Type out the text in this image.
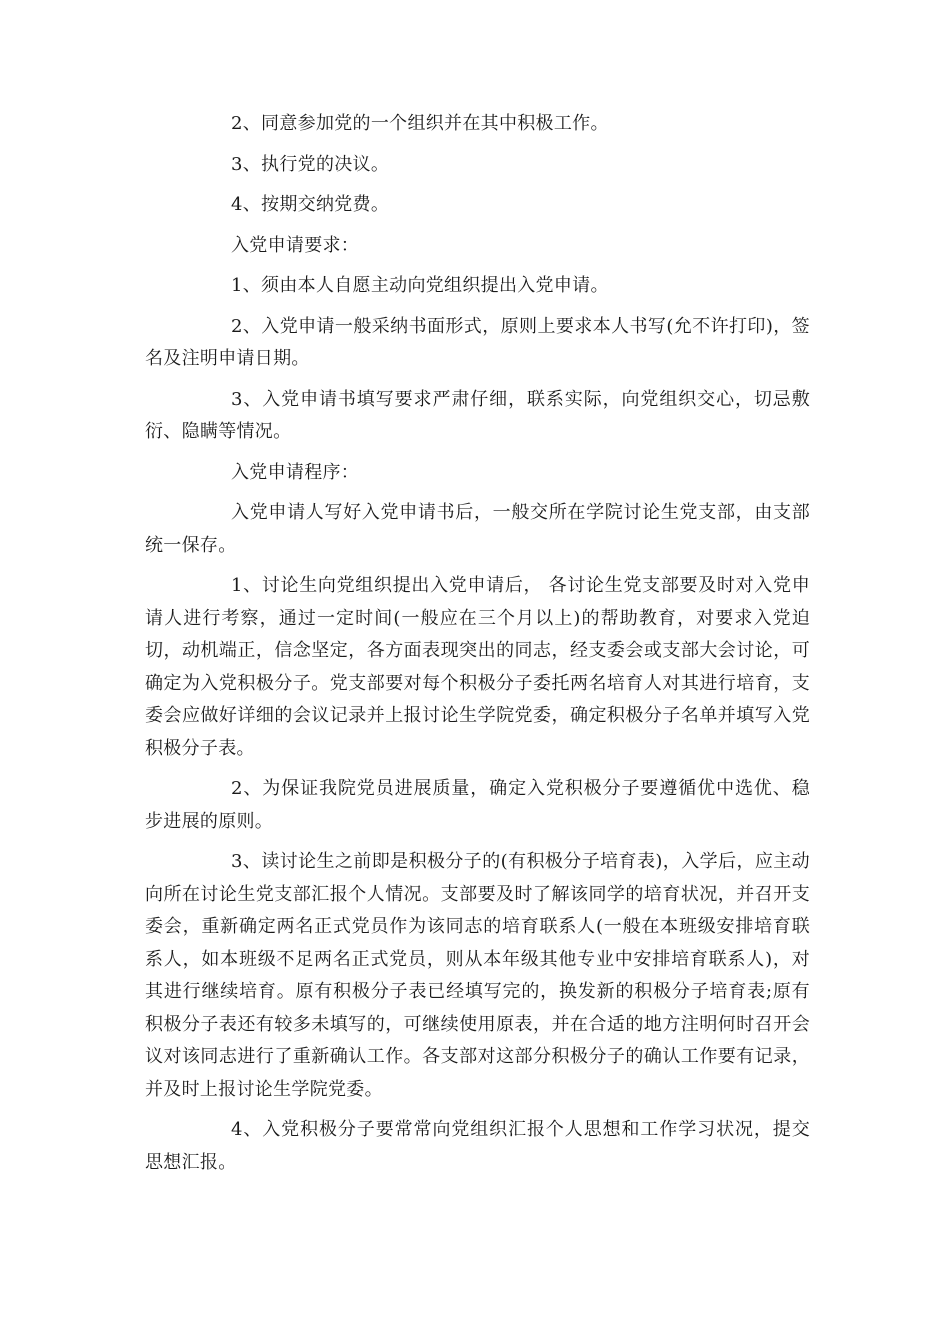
2、同意参加党的一个组织并在其中积极工作。

3、执行党的决议。

4、按期交纳党费。

入党申请要求：

1、须由本人自愿主动向党组织提出入党申请。

2、入党申请一般采纳书面形式，原则上要求本人书写(允不许打印)，签名及注明申请日期。

3、入党申请书填写要求严肃仔细，联系实际，向党组织交心，切忌敷衍、隐瞒等情况。

入党申请程序：

入党申请人写好入党申请书后，一般交所在学院讨论生党支部，由支部统一保存。

1、讨论生向党组织提出入党申请后， 各讨论生党支部要及时对入党申请人进行考察，通过一定时间(一般应在三个月以上)的帮助教育，对要求入党迫切，动机端正，信念坚定，各方面表现突出的同志，经支委会或支部大会讨论，可确定为入党积极分子。党支部要对每个积极分子委托两名培育人对其进行培育，支委会应做好详细的会议记录并上报讨论生学院党委，确定积极分子名单并填写入党积极分子表。

2、为保证我院党员进展质量，确定入党积极分子要遵循优中选优、稳步进展的原则。

3、读讨论生之前即是积极分子的(有积极分子培育表)，入学后，应主动向所在讨论生党支部汇报个人情况。支部要及时了解该同学的培育状况，并召开支委会，重新确定两名正式党员作为该同志的培育联系人(一般在本班级安排培育联系人，如本班级不足两名正式党员，则从本年级其他专业中安排培育联系人)，对其进行继续培育。原有积极分子表已经填写完的，换发新的积极分子培育表;原有积极分子表还有较多未填写的，可继续使用原表，并在合适的地方注明何时召开会议对该同志进行了重新确认工作。各支部对这部分积极分子的确认工作要有记录，并及时上报讨论生学院党委。

4、入党积极分子要常常向党组织汇报个人思想和工作学习状况，提交思想汇报。
